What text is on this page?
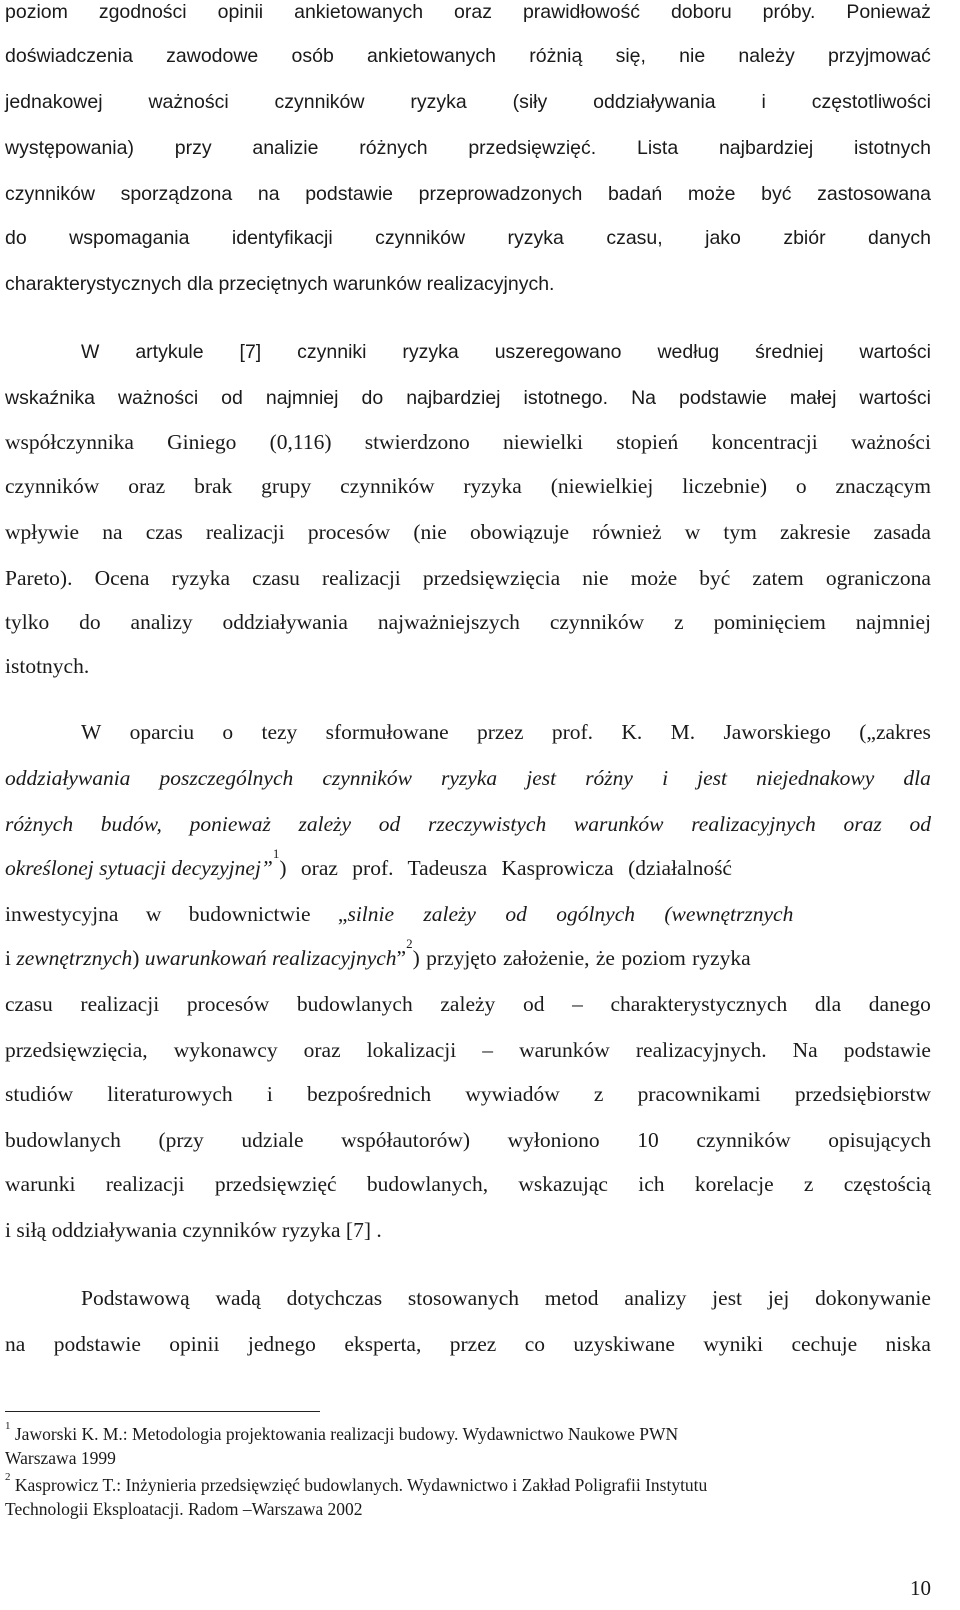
poziom zgodności opinii ankietowanych oraz prawidłowość doboru próby. Ponieważ
doświadczenia zawodowe osób ankietowanych różnią się, nie należy przyjmować
jednakowej ważności czynników ryzyka (siły oddziaływania i częstotliwości
występowania) przy analizie różnych przedsięwzięć. Lista najbardziej istotnych
czynników sporządzona na podstawie przeprowadzonych badań może być zastosowana
do wspomagania identyfikacji czynników ryzyka czasu, jako zbiór danych
charakterystycznych dla przeciętnych warunków realizacyjnych.
W artykule [7] czynniki ryzyka uszeregowano według średniej wartości
wskaźnika ważności od najmniej do najbardziej istotnego. Na podstawie małej wartości
współczynnika Giniego (0,116) stwierdzono niewielki stopień koncentracji ważności
czynników oraz brak grupy czynników ryzyka (niewielkiej liczebnie) o znaczącym
wpływie na czas realizacji procesów (nie obowiązuje również w tym zakresie zasada
Pareto). Ocena ryzyka czasu realizacji przedsięwzięcia nie może być zatem ograniczona
tylko do analizy oddziaływania najważniejszych czynników z pominięciem najmniej
istotnych.
W oparciu o tezy sformułowane przez prof. K. M. Jaworskiego („zakres
oddziaływania poszczególnych czynników ryzyka jest różny i jest niejednakowy dla
różnych budów, ponieważ zależy od rzeczywistych warunków realizacyjnych oraz od
określonej sytuacji decyzyjnej”
$^1$
) oraz prof. Tadeusza Kasprowicza (działalność
inwestycyjna w budownictwie „ silnie zależy od ogólnych (wewnętrznych
i zewnętrznych ) uwarunkowań realizacyjnych ”
$^2$
) przyjęto założenie, że poziom ryzyka
czasu realizacji procesów budowlanych zależy od – charakterystycznych dla danego
przedsięwzięcia, wykonawcy oraz lokalizacji – warunków realizacyjnych. Na podstawie
studiów literaturowych i bezpośrednich wywiadów z pracownikami przedsiębiorstw
budowlanych (przy udziale współautorów) wyłoniono 10 czynników opisujących
warunki realizacji przedsięwzięć budowlanych, wskazując ich korelacje z częstością
i siłą oddziaływania czynników ryzyka [7] .
Podstawową wadą dotychczas stosowanych metod analizy jest jej dokonywanie
na podstawie opinii jednego eksperta, przez co uzyskiwane wyniki cechuje niska
$^1$ Jaworski K. M.: Metodologia projektowania realizacji budowy. Wydawnictwo Naukowe PWN
Warszawa 1999
$^2$ Kasprowicz T.: Inżynieria przedsięwzięć budowlanych. Wydawnictwo i Zakład Poligrafii Instytutu
Technologii Eksploatacji. Radom –Warszawa 2002
10
